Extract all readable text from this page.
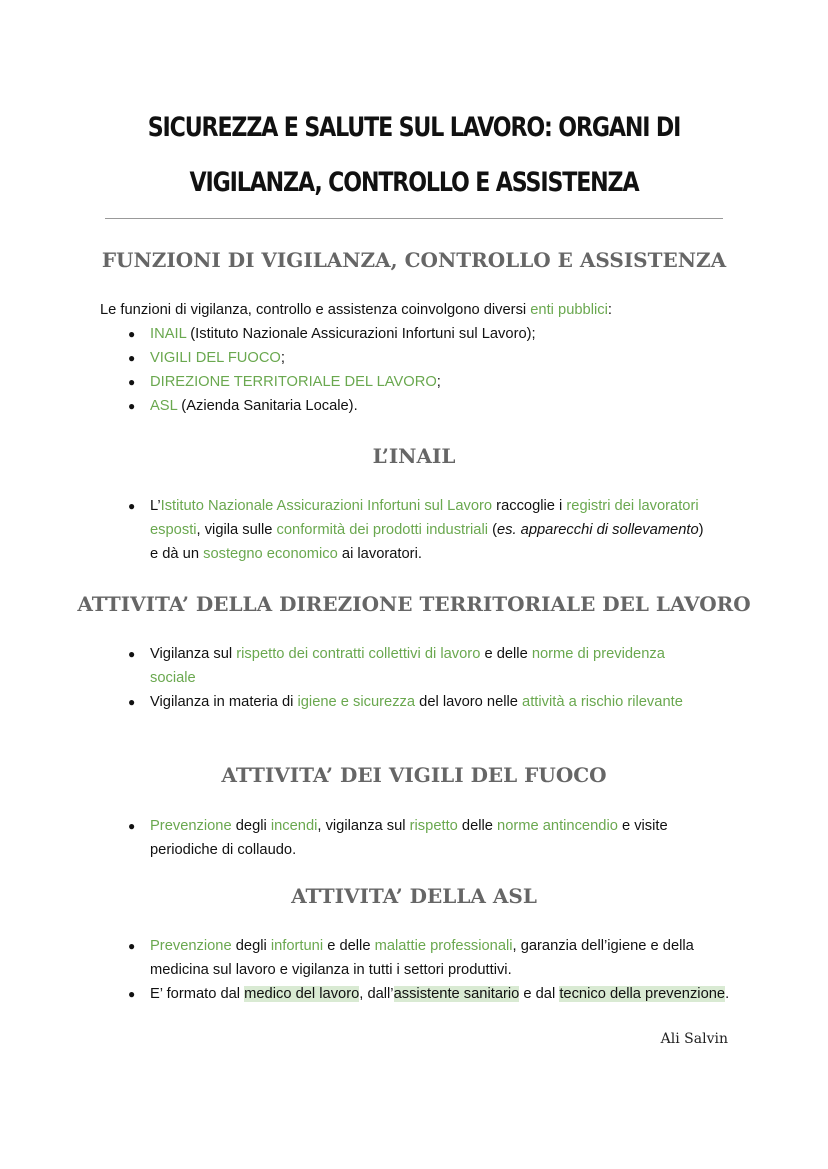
SICUREZZA E SALUTE SUL LAVORO: ORGANI DI
VIGILANZA, CONTROLLO E ASSISTENZA
FUNZIONI DI VIGILANZA, CONTROLLO E ASSISTENZA
Le funzioni di vigilanza, controllo e assistenza coinvolgono diversi enti pubblici:
● INAIL (Istituto Nazionale Assicurazioni Infortuni sul Lavoro);
● VIGILI DEL FUOCO;
● DIREZIONE TERRITORIALE DEL LAVORO;
● ASL (Azienda Sanitaria Locale).
L’INAIL
● L’Istituto Nazionale Assicurazioni Infortuni sul Lavoro raccoglie i registri dei lavoratori esposti, vigila sulle conformità dei prodotti industriali (es. apparecchi di sollevamento) e dà un sostegno economico ai lavoratori.
ATTIVITA’ DELLA DIREZIONE TERRITORIALE DEL LAVORO
● Vigilanza sul rispetto dei contratti collettivi di lavoro e delle norme di previdenza sociale
● Vigilanza in materia di igiene e sicurezza del lavoro nelle attività a rischio rilevante
ATTIVITA’ DEI VIGILI DEL FUOCO
● Prevenzione degli incendi, vigilanza sul rispetto delle norme antincendio e visite periodiche di collaudo.
ATTIVITA’ DELLA ASL
● Prevenzione degli infortuni e delle malattie professionali, garanzia dell’igiene e della medicina sul lavoro e vigilanza in tutti i settori produttivi.
● E’ formato dal medico del lavoro, dall’assistente sanitario e dal tecnico della prevenzione.
Ali Salvin
